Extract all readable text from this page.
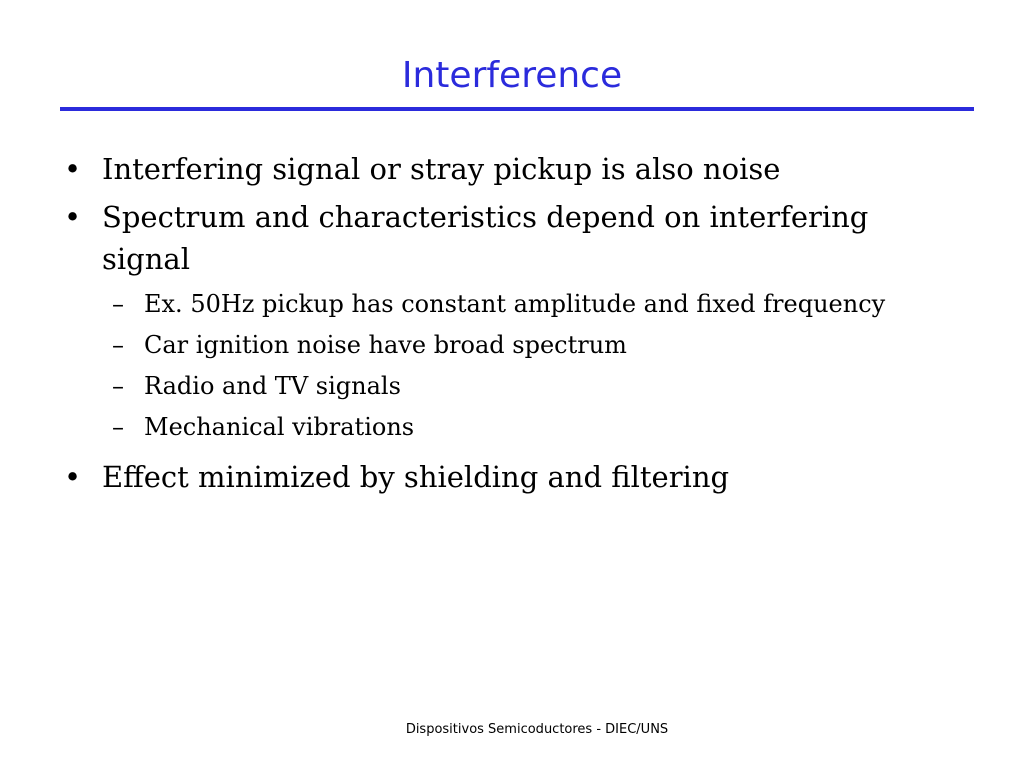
Interference
• Interfering signal or stray pickup is also noise
• Spectrum and characteristics depend on interfering signal
– Ex. 50Hz pickup has constant amplitude and fixed frequency
– Car ignition noise have broad spectrum
– Radio and TV signals
– Mechanical vibrations
• Effect minimized by shielding and filtering
Dispositivos Semicoductores - DIEC/UNS
